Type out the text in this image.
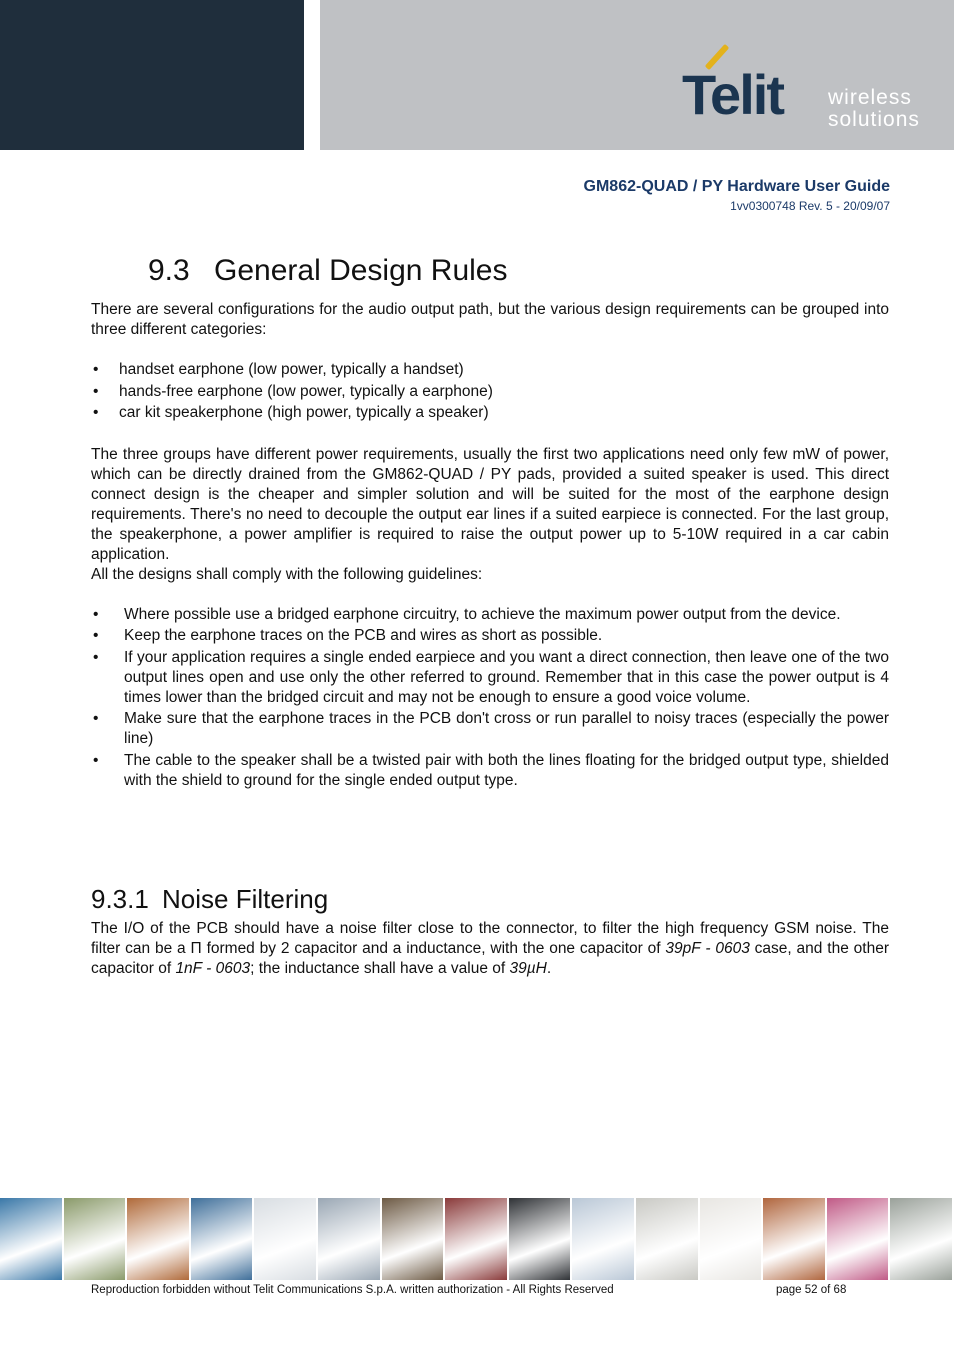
Telit wireless
solutions
GM862-QUAD / PY Hardware User Guide
1vv0300748 Rev. 5 - 20/09/07
9.3 General Design Rules

There are several configurations for the audio output path, but the various design requirements can be grouped into three different categories:

• handset earphone (low power, typically a handset)
• hands-free earphone (low power, typically a earphone)
• car kit speakerphone (high power, typically a speaker)

The three groups have different power requirements, usually the first two applications need only few mW of power, which can be directly drained from the GM862-QUAD / PY pads, provided a suited speaker is used. This direct connect design is the cheaper and simpler solution and will be suited for the most of the earphone design requirements. There's no need to decouple the output ear lines if a suited earpiece is connected. For the last group, the speakerphone, a power amplifier is required to raise the output power up to 5-10W required in a car cabin application.

All the designs shall comply with the following guidelines:

• Where possible use a bridged earphone circuitry, to achieve the maximum power output from the device.
• Keep the earphone traces on the PCB and wires as short as possible.
• If your application requires a single ended earpiece and you want a direct connection, then leave one of the two output lines open and use only the other referred to ground. Remember that in this case the power output is 4 times lower than the bridged circuit and may not be enough to ensure a good voice volume.
• Make sure that the earphone traces in the PCB don't cross or run parallel to noisy traces (especially the power line)
• The cable to the speaker shall be a twisted pair with both the lines floating for the bridged output type, shielded with the shield to ground for the single ended output type.
9.3.1 Noise Filtering
The I/O of the PCB should have a noise filter close to the connector, to filter the high frequency GSM noise. The filter can be a Π formed by 2 capacitor and a inductance, with the one capacitor of 39pF - 0603 case, and the other capacitor of 1nF - 0603; the inductance shall have a value of 39µH.
Reproduction forbidden without Telit Communications S.p.A. written authorization - All Rights Reserved	page 52 of 68
